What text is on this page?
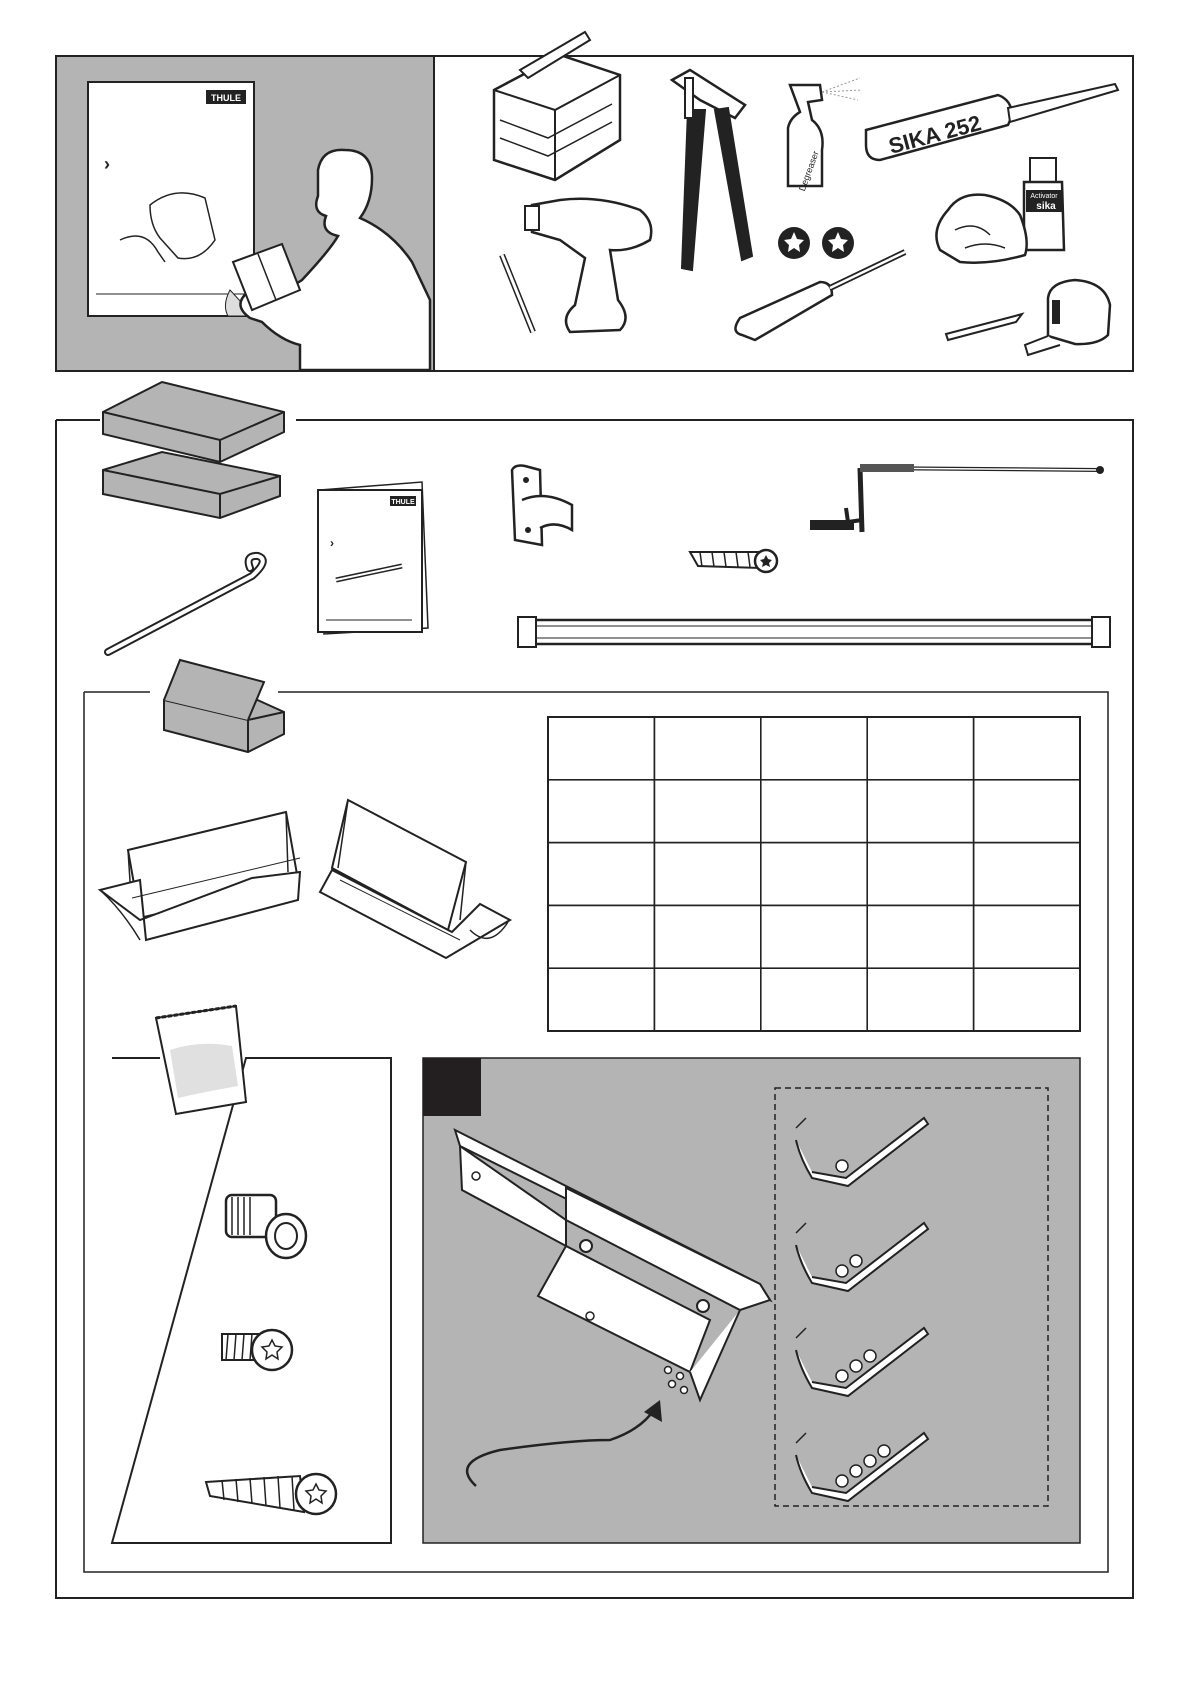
THULE
›	Degreaser
SIKA 252
Activator
sika
THULE
›
